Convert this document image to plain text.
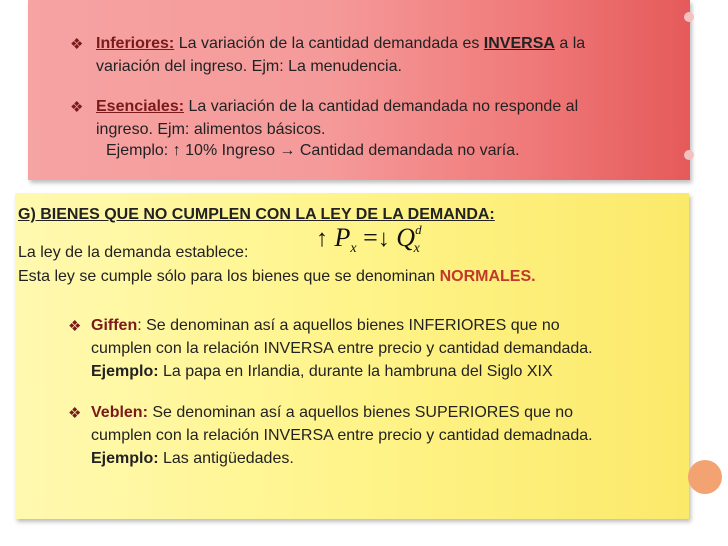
❖ Inferiores: La variación de la cantidad demandada es INVERSA a la
variación del ingreso. Ejm: La menudencia.
❖ Esenciales: La variación de la cantidad demandada no responde al
ingreso. Ejm: alimentos básicos.
Ejemplo: ↑ 10% Ingreso → Cantidad demandada no varía.
G) BIENES QUE NO CUMPLEN CON LA LEY DE LA DEMANDA:
La ley de la demanda establece:
↑ $P_x$ =↓ $Q^d_x$
Esta ley se cumple sólo para los bienes que se denominan NORMALES.
❖ Giffen: Se denominan así a aquellos bienes INFERIORES que no
cumplen con la relación INVERSA entre precio y cantidad demandada.
Ejemplo: La papa en Irlandia, durante la hambruna del Siglo XIX
❖ Veblen: Se denominan así a aquellos bienes SUPERIORES que no
cumplen con la relación INVERSA entre precio y cantidad demadnada.
Ejemplo: Las antigüedades.
